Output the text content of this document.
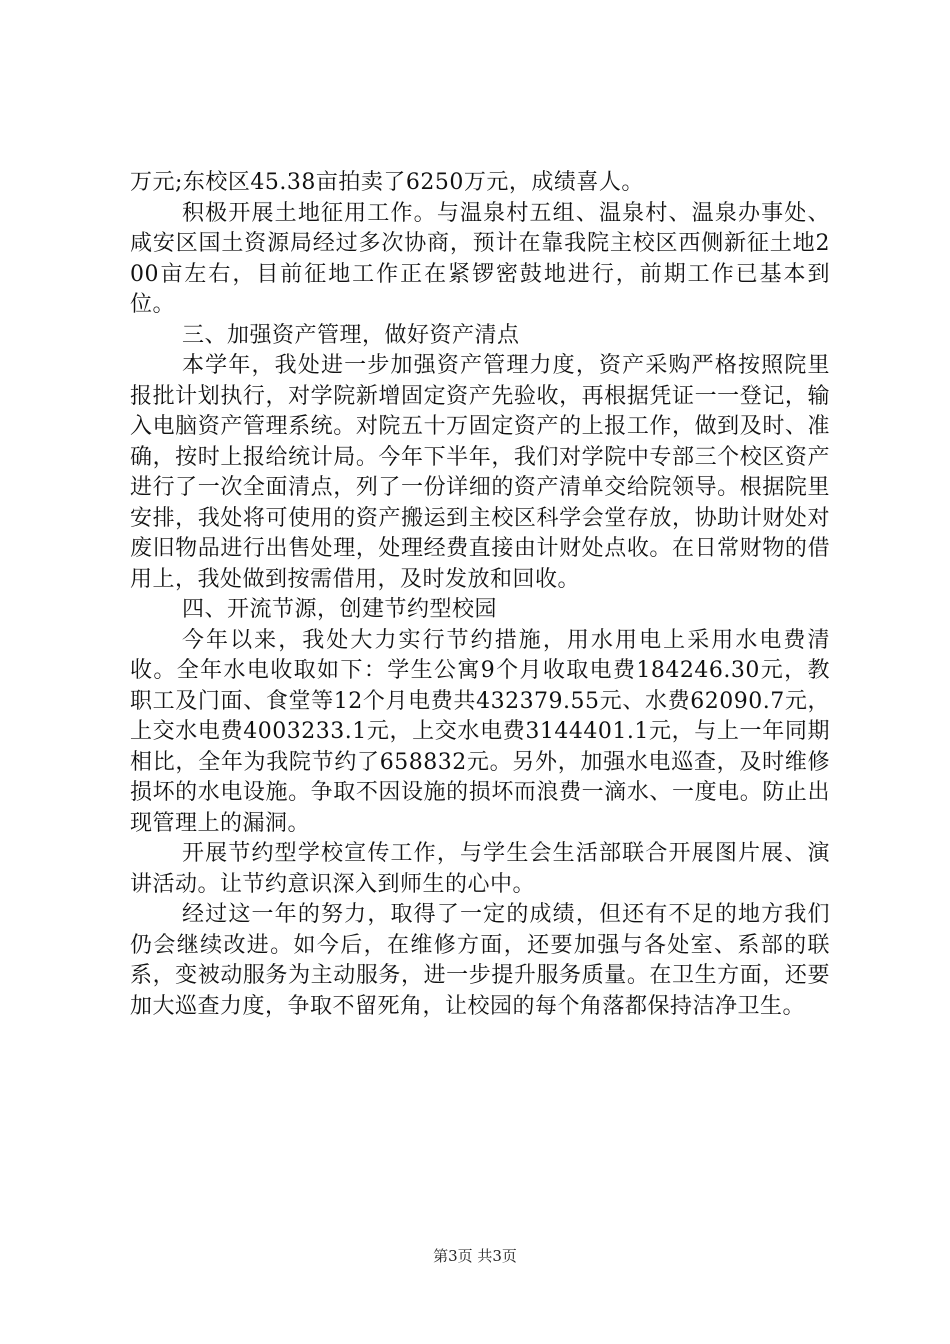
万元;东校区45.38亩拍卖了6250万元，成绩喜人。

积极开展土地征用工作。与温泉村五组、温泉村、温泉办事处、咸安区国土资源局经过多次协商，预计在靠我院主校区西侧新征土地200亩左右，目前征地工作正在紧锣密鼓地进行，前期工作已基本到位。

三、加强资产管理，做好资产清点

本学年，我处进一步加强资产管理力度，资产采购严格按照院里报批计划执行，对学院新增固定资产先验收，再根据凭证一一登记，输入电脑资产管理系统。对院五十万固定资产的上报工作，做到及时、准确，按时上报给统计局。今年下半年，我们对学院中专部三个校区资产进行了一次全面清点，列了一份详细的资产清单交给院领导。根据院里安排，我处将可使用的资产搬运到主校区科学会堂存放，协助计财处对废旧物品进行出售处理，处理经费直接由计财处点收。在日常财物的借用上，我处做到按需借用，及时发放和回收。

四、开流节源，创建节约型校园

今年以来，我处大力实行节约措施，用水用电上采用水电费清收。全年水电收取如下：学生公寓9个月收取电费184246.30元，教职工及门面、食堂等12个月电费共432379.55元、水费62090.7元，上交水电费4003233.1元，上交水电费3144401.1元，与上一年同期相比，全年为我院节约了658832元。另外，加强水电巡查，及时维修损坏的水电设施。争取不因设施的损坏而浪费一滴水、一度电。防止出现管理上的漏洞。

开展节约型学校宣传工作，与学生会生活部联合开展图片展、演讲活动。让节约意识深入到师生的心中。

经过这一年的努力，取得了一定的成绩，但还有不足的地方我们仍会继续改进。如今后，在维修方面，还要加强与各处室、系部的联系，变被动服务为主动服务，进一步提升服务质量。在卫生方面，还要加大巡查力度，争取不留死角，让校园的每个角落都保持洁净卫生。

第3页 共3页
